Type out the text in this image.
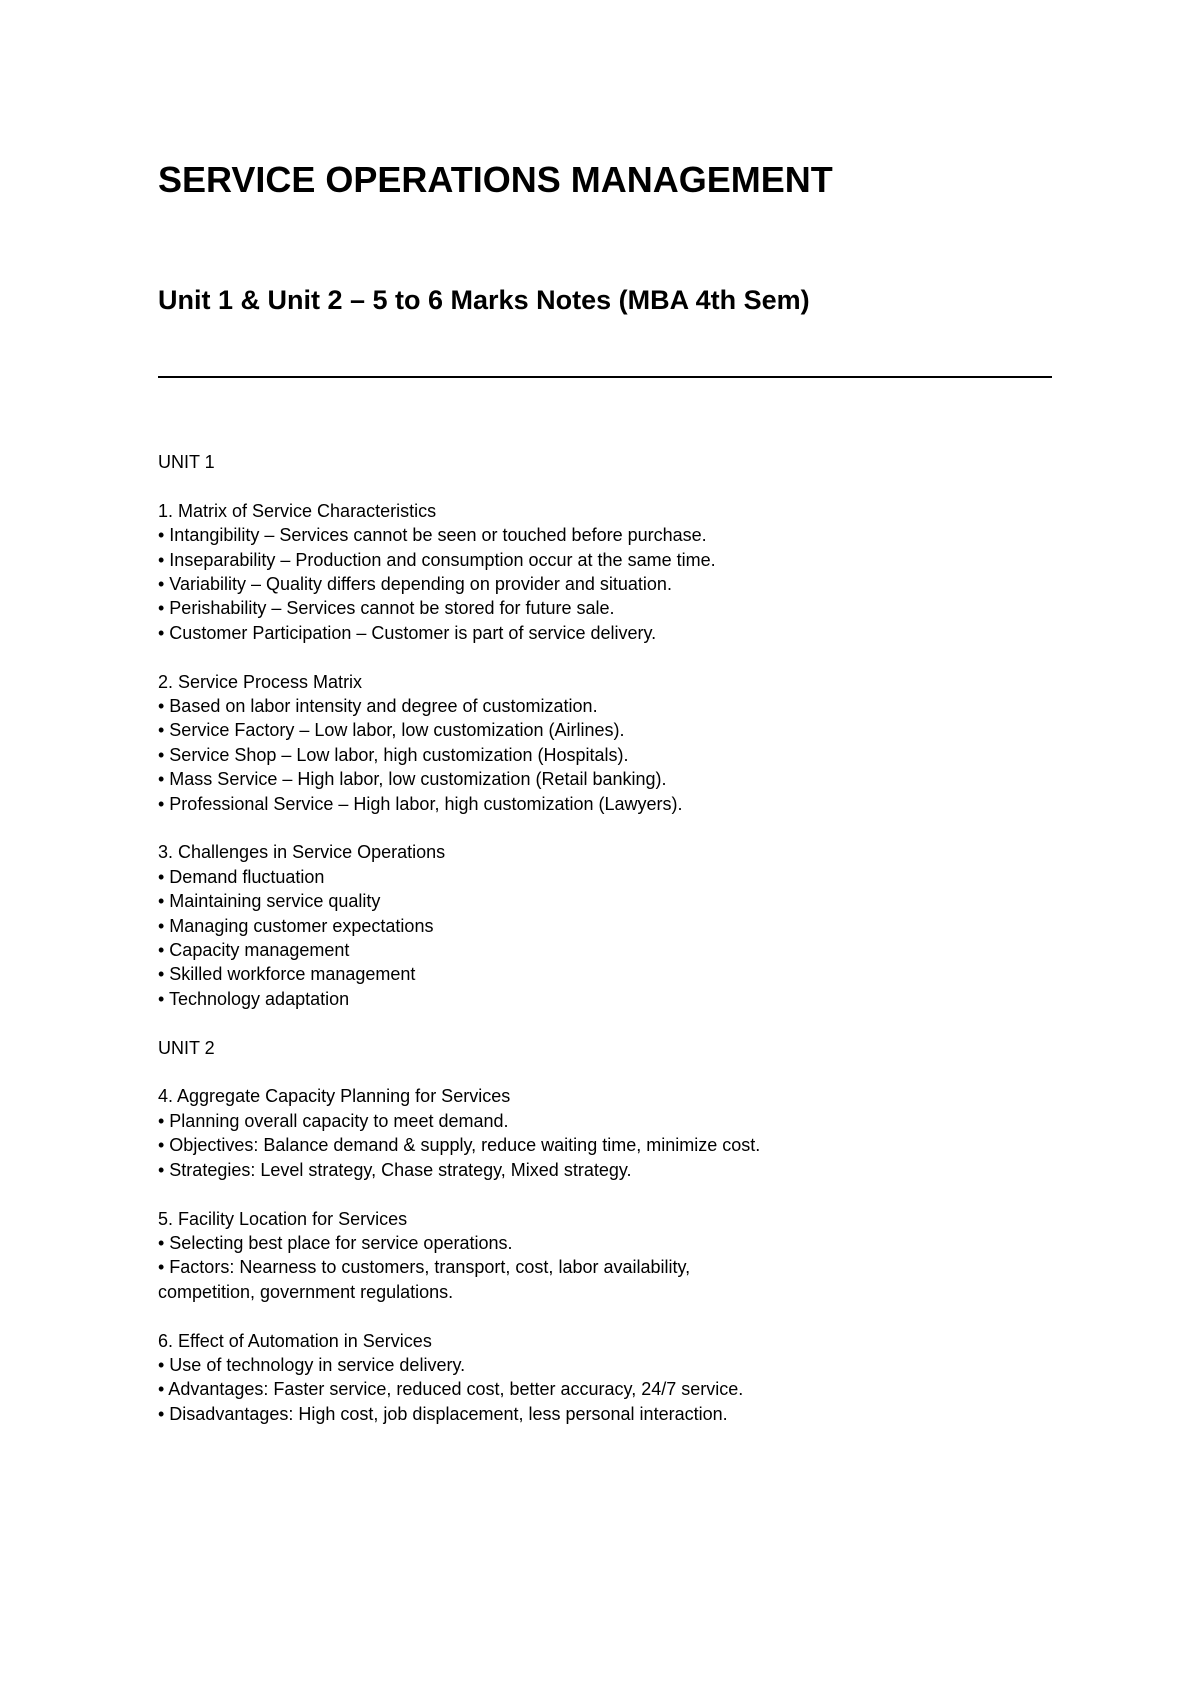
SERVICE OPERATIONS MANAGEMENT
Unit 1 & Unit 2 – 5 to 6 Marks Notes (MBA 4th Sem)
UNIT 1
1. Matrix of Service Characteristics
• Intangibility – Services cannot be seen or touched before purchase.
• Inseparability – Production and consumption occur at the same time.
• Variability – Quality differs depending on provider and situation.
• Perishability – Services cannot be stored for future sale.
• Customer Participation – Customer is part of service delivery.
2. Service Process Matrix
• Based on labor intensity and degree of customization.
• Service Factory – Low labor, low customization (Airlines).
• Service Shop – Low labor, high customization (Hospitals).
• Mass Service – High labor, low customization (Retail banking).
• Professional Service – High labor, high customization (Lawyers).
3. Challenges in Service Operations
• Demand fluctuation
• Maintaining service quality
• Managing customer expectations
• Capacity management
• Skilled workforce management
• Technology adaptation
UNIT 2
4. Aggregate Capacity Planning for Services
• Planning overall capacity to meet demand.
• Objectives: Balance demand & supply, reduce waiting time, minimize cost.
• Strategies: Level strategy, Chase strategy, Mixed strategy.
5. Facility Location for Services
• Selecting best place for service operations.
• Factors: Nearness to customers, transport, cost, labor availability,
competition, government regulations.
6. Effect of Automation in Services
• Use of technology in service delivery.
• Advantages: Faster service, reduced cost, better accuracy, 24/7 service.
• Disadvantages: High cost, job displacement, less personal interaction.
